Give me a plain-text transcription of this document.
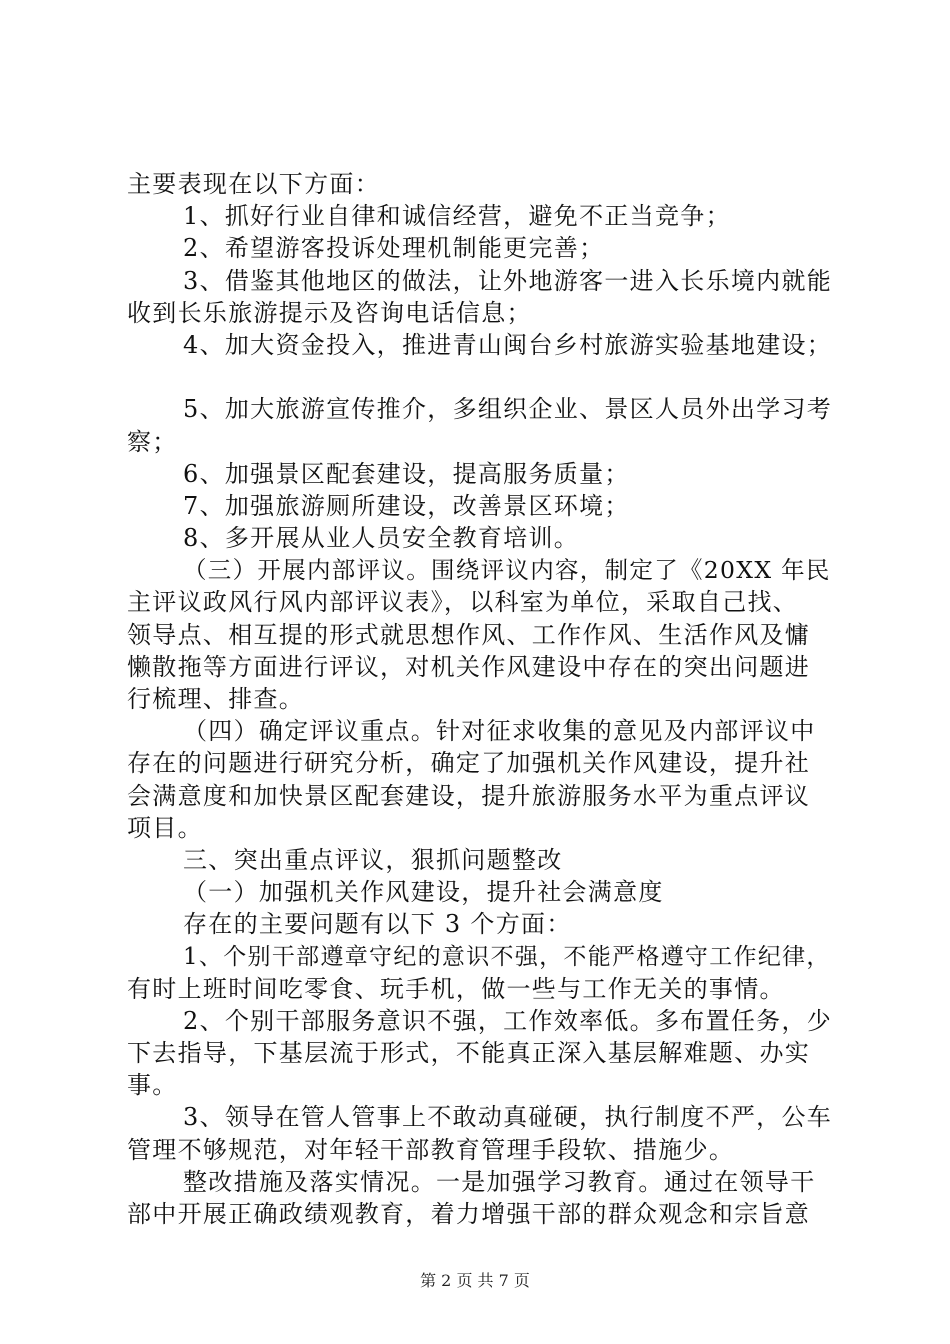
主要表现在以下方面：
1、抓好行业自律和诚信经营，避免不正当竞争；
2、希望游客投诉处理机制能更完善；
3、借鉴其他地区的做法，让外地游客一进入长乐境内就能
收到长乐旅游提示及咨询电话信息；
4、加大资金投入，推进青山闽台乡村旅游实验基地建设；
5、加大旅游宣传推介，多组织企业、景区人员外出学习考
察；
6、加强景区配套建设，提高服务质量；
7、加强旅游厕所建设，改善景区环境；
8、多开展从业人员安全教育培训。
（三）开展内部评议。围绕评议内容，制定了《20XX 年民
主评议政风行风内部评议表》，以科室为单位，采取自己找、
领导点、相互提的形式就思想作风、工作作风、生活作风及慵
懒散拖等方面进行评议，对机关作风建设中存在的突出问题进
行梳理、排查。
（四）确定评议重点。针对征求收集的意见及内部评议中
存在的问题进行研究分析，确定了加强机关作风建设，提升社
会满意度和加快景区配套建设，提升旅游服务水平为重点评议
项目。
三、突出重点评议，狠抓问题整改
（一）加强机关作风建设，提升社会满意度
存在的主要问题有以下 3 个方面：
1、个别干部遵章守纪的意识不强，不能严格遵守工作纪律，
有时上班时间吃零食、玩手机，做一些与工作无关的事情。
2、个别干部服务意识不强，工作效率低。多布置任务，少
下去指导，下基层流于形式，不能真正深入基层解难题、办实
事。
3、领导在管人管事上不敢动真碰硬，执行制度不严，公车
管理不够规范，对年轻干部教育管理手段软、措施少。
整改措施及落实情况。一是加强学习教育。通过在领导干
部中开展正确政绩观教育，着力增强干部的群众观念和宗旨意
第 2 页 共 7 页
